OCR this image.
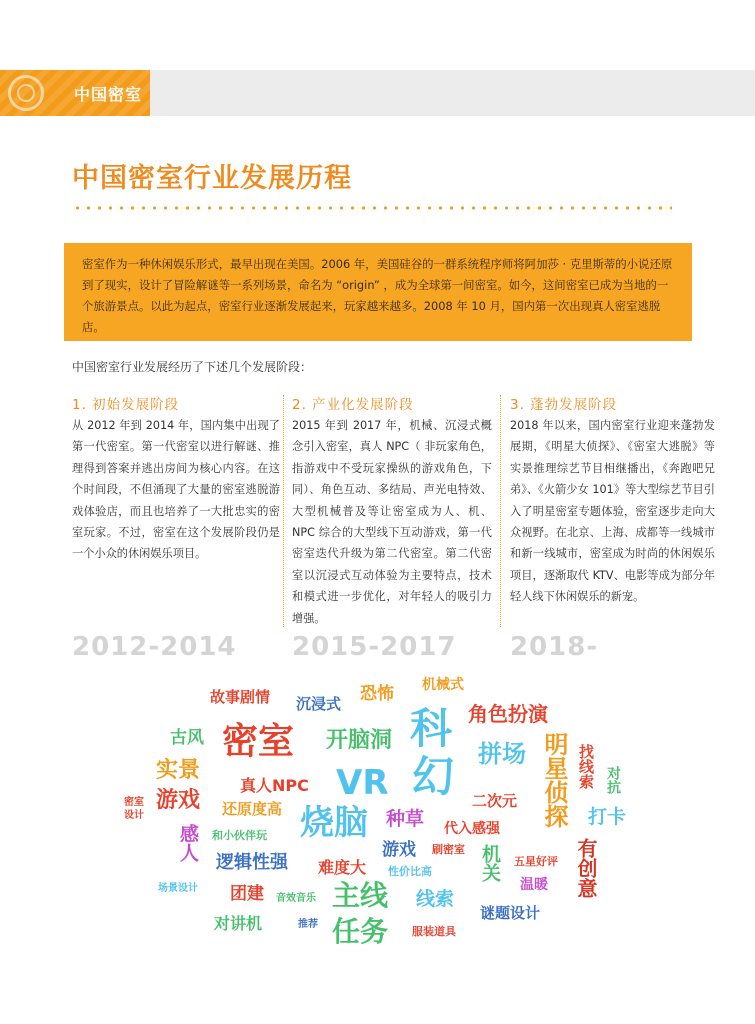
中国密室
中国密室行业发展历程

密室作为一种休闲娱乐形式，最早出现在美国。2006 年，美国硅谷的一群系统程序师将阿加莎 · 克里斯蒂的小说还原到了现实，设计了冒险解谜等一系列场景，命名为 “origin” ，成为全球第一间密室。如今，这间密室已成为当地的一个旅游景点。以此为起点，密室行业逐渐发展起来，玩家越来越多。2008 年 10 月，国内第一次出现真人密室逃脱店。

中国密室行业发展经历了下述几个发展阶段：
1. 初始发展阶段

从 2012 年到 2014 年，国内集中出现了第一代密室。第一代密室以进行解谜、推理得到答案并逃出房间为核心内容。在这个时间段，不但涌现了大量的密室逃脱游戏体验店，而且也培养了一大批忠实的密室玩家。不过，密室在这个发展阶段仍是一个小众的休闲娱乐项目。

2. 产业化发展阶段

2015 年到 2017 年，机械、沉浸式概念引入密室，真人 NPC（ 非玩家角色，指游戏中不受玩家操纵的游戏角色，下同）、角色互动、多结局、声光电特效、大型机械普及等让密室成为人、机、NPC 综合的大型线下互动游戏，第一代密室迭代升级为第二代密室。第二代密室以沉浸式互动体验为主要特点，技术和模式进一步优化，对年轻人的吸引力增强。

3. 蓬勃发展阶段

2018 年以来，国内密室行业迎来蓬勃发展期，《明星大侦探》、《密室大逃脱》等实景推理综艺节目相继播出，《奔跑吧兄弟》、《火箭少女 101》等大型综艺节目引入了明星密室专题体验，密室逐步走向大众视野。在北京、上海、成都等一线城市和新一线城市，密室成为时尚的休闲娱乐项目，逐渐取代 KTV、电影等成为部分年轻人线下休闲娱乐的新宠。

2012-2014 2015-2017 2018-
故事剧情 沉浸式 恐怖 机械式
科
幻
角色扮演
古风 密室 开脑洞	拼场 明星侦探 找线索
实景
真人NPC VR	对抗
游戏 还原度高	二次元
密室设计	烧脑 种草 代入感强
打卡
感人 和小伙伴玩
有创意
逻辑性强
游戏 刷密室 机关 五星好评
难度大 性价比高
温暖
场景设计 团建 主线 线索
谜题设计
音效音乐
对讲机	推荐 任务 服装道具
